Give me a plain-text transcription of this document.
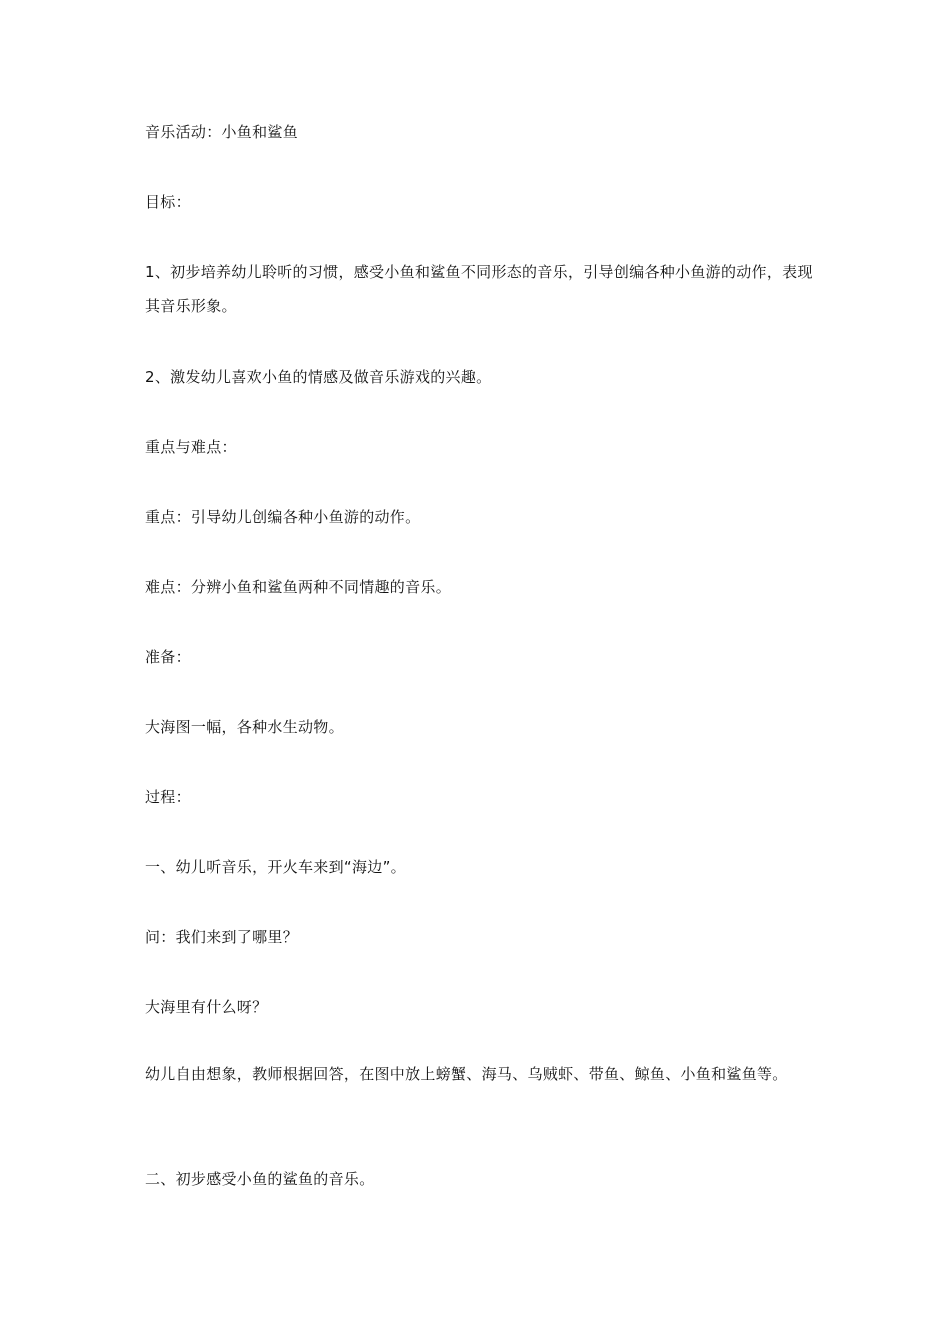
音乐活动：小鱼和鲨鱼

目标：

1、初步培养幼儿聆听的习惯，感受小鱼和鲨鱼不同形态的音乐，引导创编各种小鱼游的动作，表现其音乐形象。

2、激发幼儿喜欢小鱼的情感及做音乐游戏的兴趣。

重点与难点：

重点：引导幼儿创编各种小鱼游的动作。

难点：分辨小鱼和鲨鱼两种不同情趣的音乐。

准备：

大海图一幅，各种水生动物。

过程：

一、幼儿听音乐，开火车来到“海边”。

问：我们来到了哪里？

大海里有什么呀？

幼儿自由想象，教师根据回答，在图中放上螃蟹、海马、乌贼虾、带鱼、鲸鱼、小鱼和鲨鱼等。

二、初步感受小鱼的鲨鱼的音乐。
